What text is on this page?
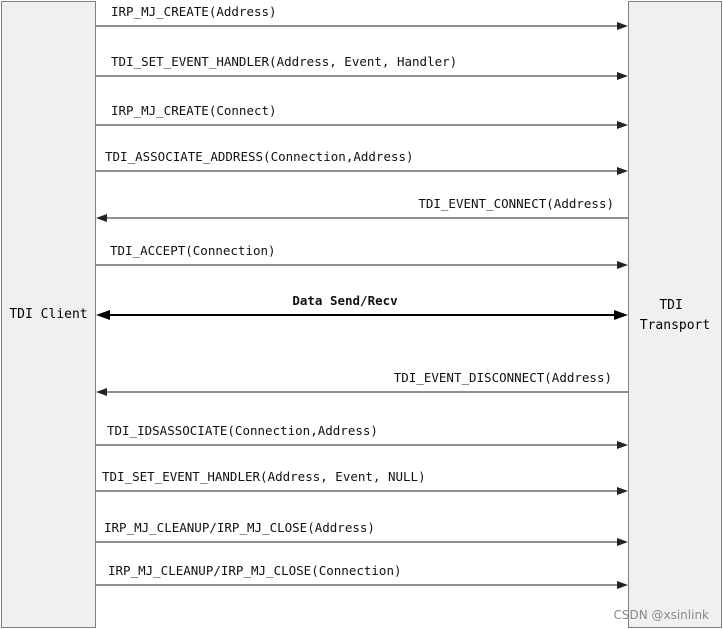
TDI Client
TDI Transport
IRP_MJ_CREATE(Address)
TDI_SET_EVENT_HANDLER(Address, Event, Handler)
IRP_MJ_CREATE(Connect)
TDI_ASSOCIATE_ADDRESS(Connection,Address)
TDI_EVENT_CONNECT(Address)
TDI_ACCEPT(Connection)
Data Send/Recv
TDI_EVENT_DISCONNECT(Address)
TDI_IDSASSOCIATE(Connection,Address)
TDI_SET_EVENT_HANDLER(Address, Event, NULL)
IRP_MJ_CLEANUP/IRP_MJ_CLOSE(Address)
IRP_MJ_CLEANUP/IRP_MJ_CLOSE(Connection)
CSDN @xsinlink
